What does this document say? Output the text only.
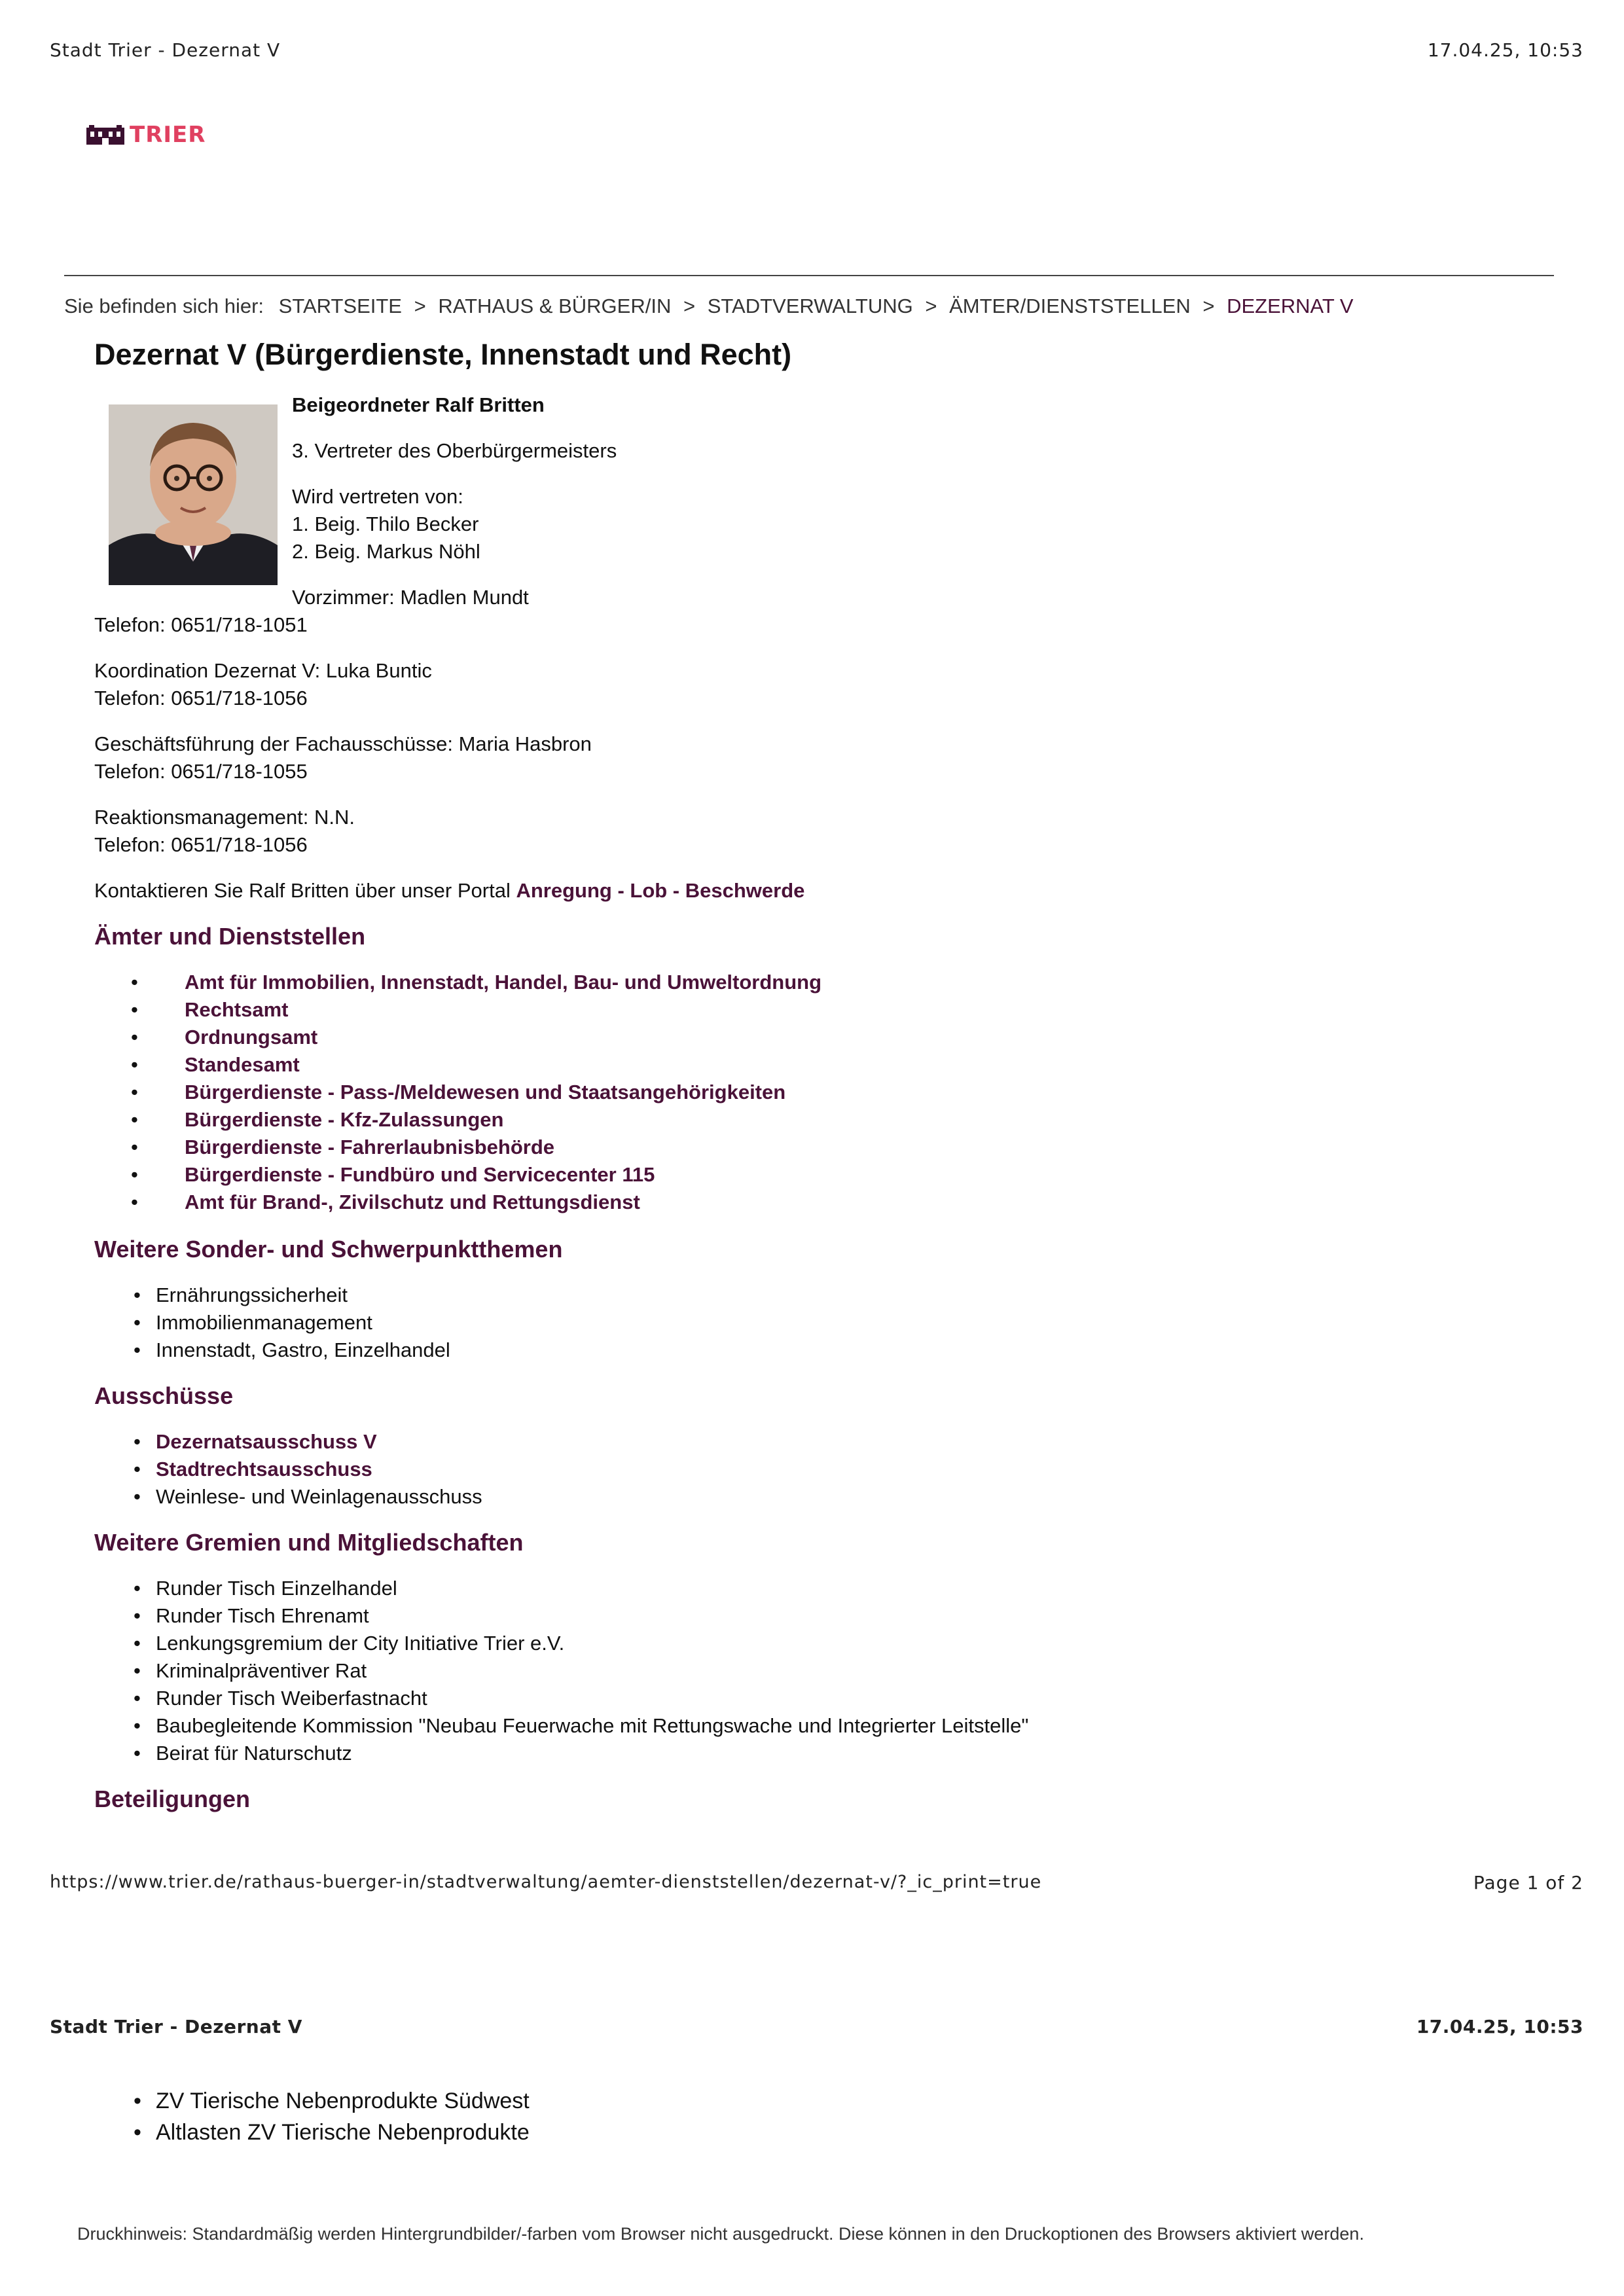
Stadt Trier - Dezernat V	17.04.25, 10:53
TRIER
Sie befinden sich hier: STARTSEITE > RATHAUS & BÜRGER/IN > STADTVERWALTUNG > ÄMTER/DIENSTSTELLEN > DEZERNAT V
Dezernat V (Bürgerdienste, Innenstadt und Recht)
Beigeordneter Ralf Britten
3. Vertreter des Oberbürgermeisters
Wird vertreten von:
1. Beig. Thilo Becker
2. Beig. Markus Nöhl
Vorzimmer: Madlen Mundt
Telefon: 0651/718-1051
Koordination Dezernat V: Luka Buntic
Telefon: 0651/718-1056
Geschäftsführung der Fachausschüsse: Maria Hasbron
Telefon: 0651/718-1055
Reaktionsmanagement: N.N.
Telefon: 0651/718-1056
Kontaktieren Sie Ralf Britten über unser Portal Anregung - Lob - Beschwerde
Ämter und Dienststellen
• Amt für Immobilien, Innenstadt, Handel, Bau- und Umweltordnung
• Rechtsamt
• Ordnungsamt
• Standesamt
• Bürgerdienste - Pass-/Meldewesen und Staatsangehörigkeiten
• Bürgerdienste - Kfz-Zulassungen
• Bürgerdienste - Fahrerlaubnisbehörde
• Bürgerdienste - Fundbüro und Servicecenter 115
• Amt für Brand-, Zivilschutz und Rettungsdienst
Weitere Sonder- und Schwerpunktthemen
• Ernährungssicherheit
• Immobilienmanagement
• Innenstadt, Gastro, Einzelhandel
Ausschüsse
• Dezernatsausschuss V
• Stadtrechtsausschuss
• Weinlese- und Weinlagenausschuss
Weitere Gremien und Mitgliedschaften
• Runder Tisch Einzelhandel
• Runder Tisch Ehrenamt
• Lenkungsgremium der City Initiative Trier e.V.
• Kriminalpräventiver Rat
• Runder Tisch Weiberfastnacht
• Baubegleitende Kommission "Neubau Feuerwache mit Rettungswache und Integrierter Leitstelle"
• Beirat für Naturschutz
Beteiligungen
https://www.trier.de/rathaus-buerger-in/stadtverwaltung/aemter-dienststellen/dezernat-v/?_ic_print=true	Page 1 of 2
Stadt Trier - Dezernat V	17.04.25, 10:53
• ZV Tierische Nebenprodukte Südwest
• Altlasten ZV Tierische Nebenprodukte
Druckhinweis: Standardmäßig werden Hintergrundbilder/-farben vom Browser nicht ausgedruckt. Diese können in den Druckoptionen des Browsers aktiviert werden.
